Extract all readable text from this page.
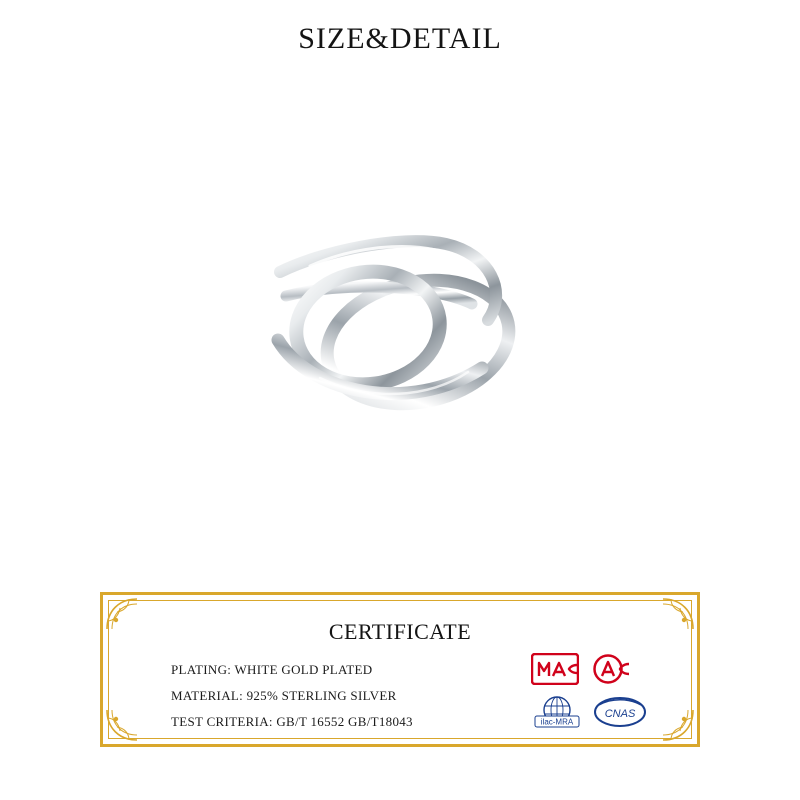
SIZE&DETAIL
CERTIFICATE
PLATING: WHITE GOLD PLATED
MATERIAL: 925% STERLING SILVER
TEST CRITERIA: GB/T 16552 GB/T18043	ilac-MRA
CNAS
